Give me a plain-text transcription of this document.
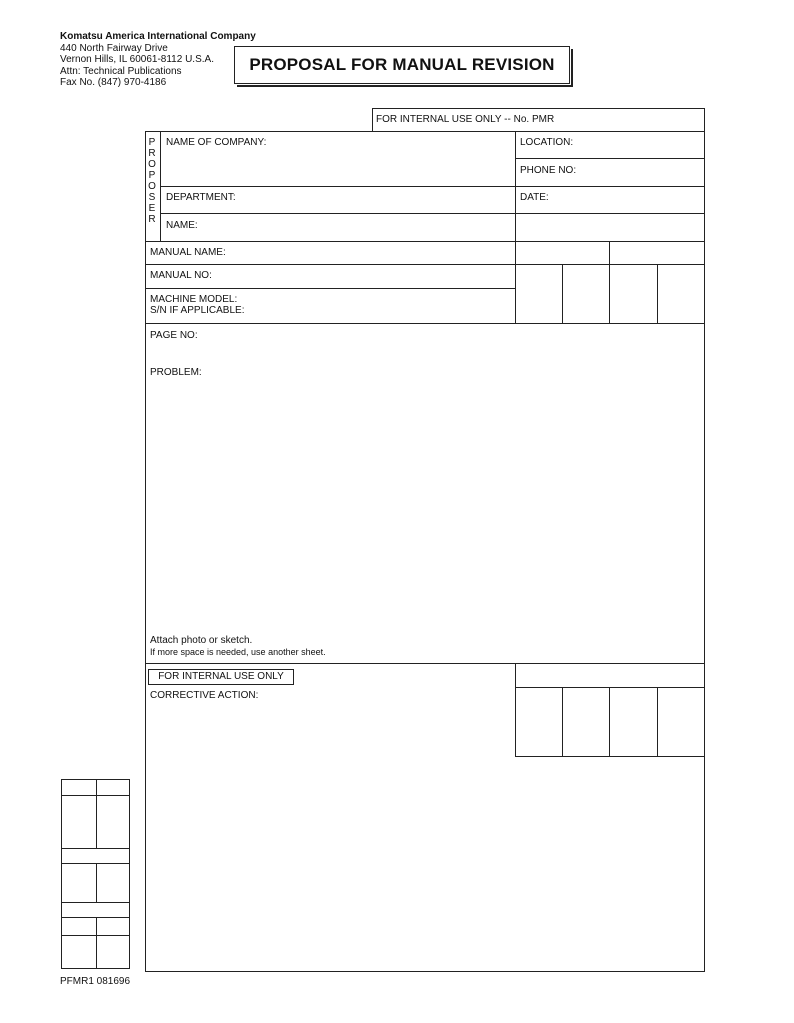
Komatsu America International Company
440 North Fairway Drive
Vernon Hills, IL 60061-8112 U.S.A.
Attn: Technical Publications
Fax No. (847) 970-4186
PROPOSAL FOR MANUAL REVISION
FOR INTERNAL USE ONLY -- No. PMR
P
R
O
P
O
S
E
R
NAME OF COMPANY:	LOCATION:
PHONE NO:
DEPARTMENT:	DATE:
NAME:
MANUAL NAME:
MANUAL NO:
MACHINE MODEL:
S/N IF APPLICABLE:
PAGE NO:
PROBLEM:
Attach photo or sketch.
If more space is needed, use another sheet.
FOR INTERNAL USE ONLY
CORRECTIVE ACTION:
PFMR1 081696
